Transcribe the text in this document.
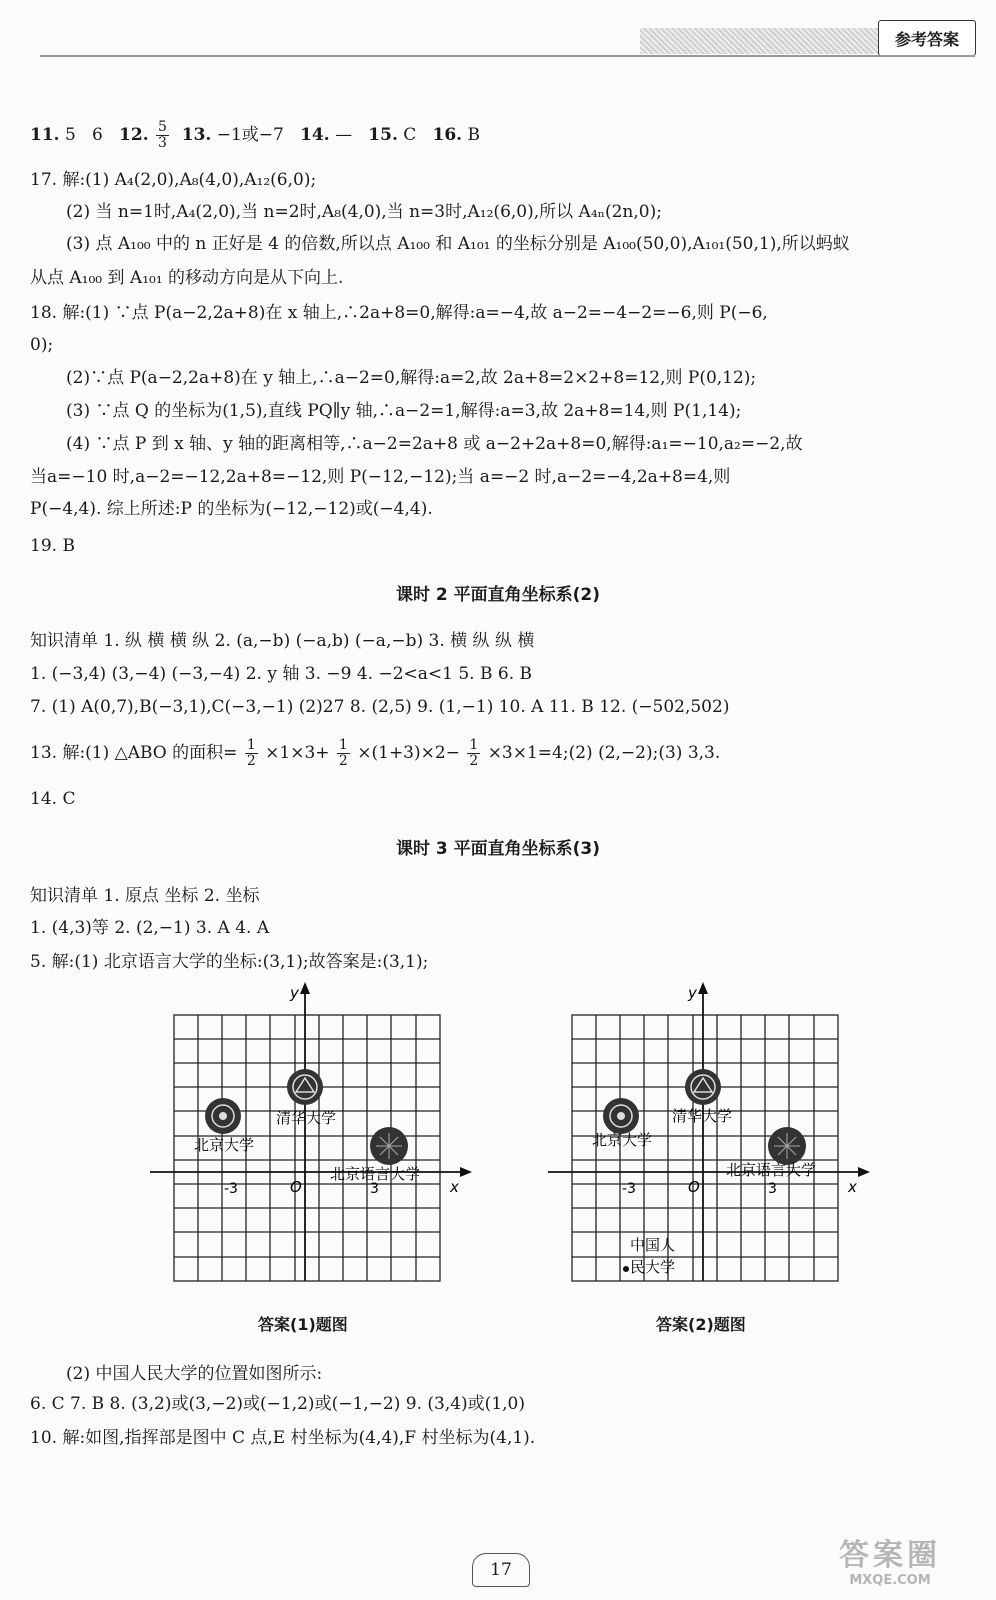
参考答案
11. 5   6   12. $\frac{5}{3} 13$. −1或−7   14. —   15. C   16. B
17. 解:(1) A₄(2,0),A₈(4,0),A₁₂(6,0);
(2) 当 n=1时,A₄(2,0),当 n=2时,A₈(4,0),当 n=3时,A₁₂(6,0),所以 A₄ₙ(2n,0);
(3) 点 A₁₀₀ 中的 n 正好是 4 的倍数,所以点 A₁₀₀ 和 A₁₀₁ 的坐标分别是 A₁₀₀(50,0),A₁₀₁(50,1),所以蚂蚁
从点 A₁₀₀ 到 A₁₀₁ 的移动方向是从下向上.
18. 解:(1) ∵点 P(a−2,2a+8)在 x 轴上,∴2a+8=0,解得:a=−4,故 a−2=−4−2=−6,则 P(−6,
0);
(2)∵点 P(a−2,2a+8)在 y 轴上,∴a−2=0,解得:a=2,故 2a+8=2×2+8=12,则 P(0,12);
(3) ∵点 Q 的坐标为(1,5),直线 PQ∥y 轴,∴a−2=1,解得:a=3,故 2a+8=14,则 P(1,14);
(4) ∵点 P 到 x 轴、y 轴的距离相等,∴a−2=2a+8 或 a−2+2a+8=0,解得:a₁=−10,a₂=−2,故
当a=−10 时,a−2=−12,2a+8=−12,则 P(−12,−12);当 a=−2 时,a−2=−4,2a+8=4,则
P(−4,4). 综上所述:P 的坐标为(−12,−12)或(−4,4).
19. B
课时 2 平面直角坐标系(2)
知识清单 1. 纵 横 横 纵 2. (a,−b) (−a,b) (−a,−b) 3. 横 纵 纵 横
1. (−3,4) (3,−4) (−3,−4) 2. y 轴 3. −9 4. −2<a<1 5. B 6. B
7. (1) A(0,7),B(−3,1),C(−3,−1) (2)27 8. (2,5) 9. (1,−1) 10. A 11. B 12. (−502,502)
13. 解:(1) △ABO 的面积= $\frac{1}{2} \times 1\times 3+ \frac{1}{2} \times(1+3)\times 2- \frac{1}{2}$ ×3×1=4;(2) (2,−2);(3) 3,3.
14. C
课时 3 平面直角坐标系(3)
知识清单 1. 原点 坐标 2. 坐标
1. (4,3)等 2. (2,−1) 3. A 4. A
5. 解:(1) 北京语言大学的坐标:(3,1);故答案是:(3,1);
x
y
O
-3	3
清华大学
北京大学
北京语言大学
答案(1)题图
x
y
O
-3	3
清华大学
北京大学
北京语言大学
中国人
民大学
答案(2)题图
(2) 中国人民大学的位置如图所示:
6. C 7. B 8. (3,2)或(3,−2)或(−1,2)或(−1,−2) 9. (3,4)或(1,0)
10. 解:如图,指挥部是图中 C 点,E 村坐标为(4,4),F 村坐标为(4,1).
17	答案圈
MXQE.COM
